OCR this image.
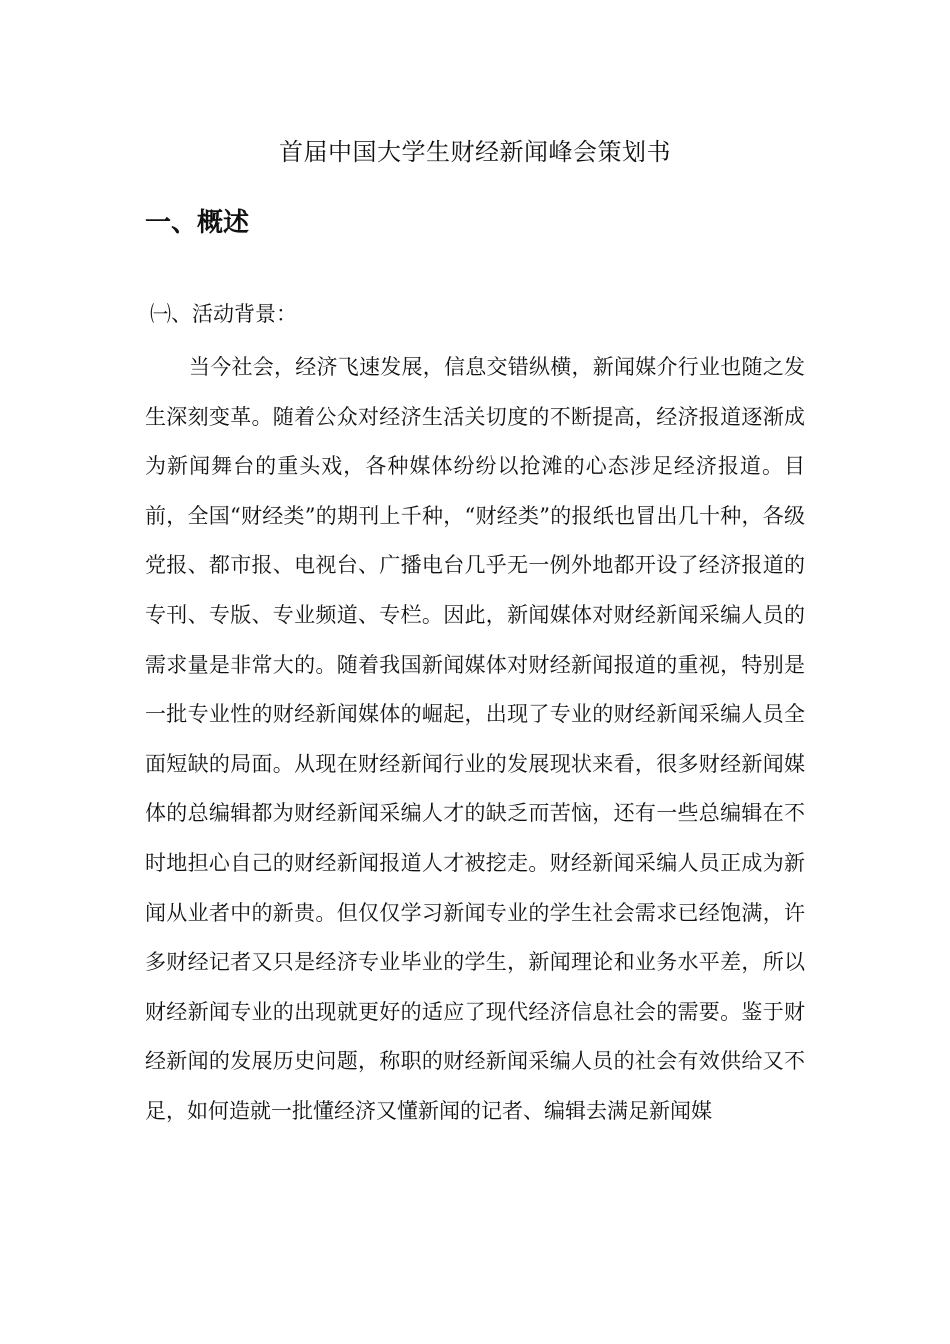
首届中国大学生财经新闻峰会策划书
一、概述
㈠、活动背景：

当今社会，经济飞速发展，信息交错纵横，新闻媒介行业也随之发生深刻变革。随着公众对经济生活关切度的不断提高，经济报道逐渐成为新闻舞台的重头戏，各种媒体纷纷以抢滩的心态涉足经济报道。目前，全国“财经类”的期刊上千种，“财经类”的报纸也冒出几十种，各级党报、都市报、电视台、广播电台几乎无一例外地都开设了经济报道的专刊、专版、专业频道、专栏。因此，新闻媒体对财经新闻采编人员的需求量是非常大的。随着我国新闻媒体对财经新闻报道的重视，特别是一批专业性的财经新闻媒体的崛起，出现了专业的财经新闻采编人员全面短缺的局面。从现在财经新闻行业的发展现状来看，很多财经新闻媒体的总编辑都为财经新闻采编人才的缺乏而苦恼，还有一些总编辑在不时地担心自己的财经新闻报道人才被挖走。财经新闻采编人员正成为新闻从业者中的新贵。但仅仅学习新闻专业的学生社会需求已经饱满，许多财经记者又只是经济专业毕业的学生，新闻理论和业务水平差，所以财经新闻专业的出现就更好的适应了现代经济信息社会的需要。鉴于财经新闻的发展历史问题，称职的财经新闻采编人员的社会有效供给又不足，如何造就一批懂经济又懂新闻的记者、编辑去满足新闻媒
